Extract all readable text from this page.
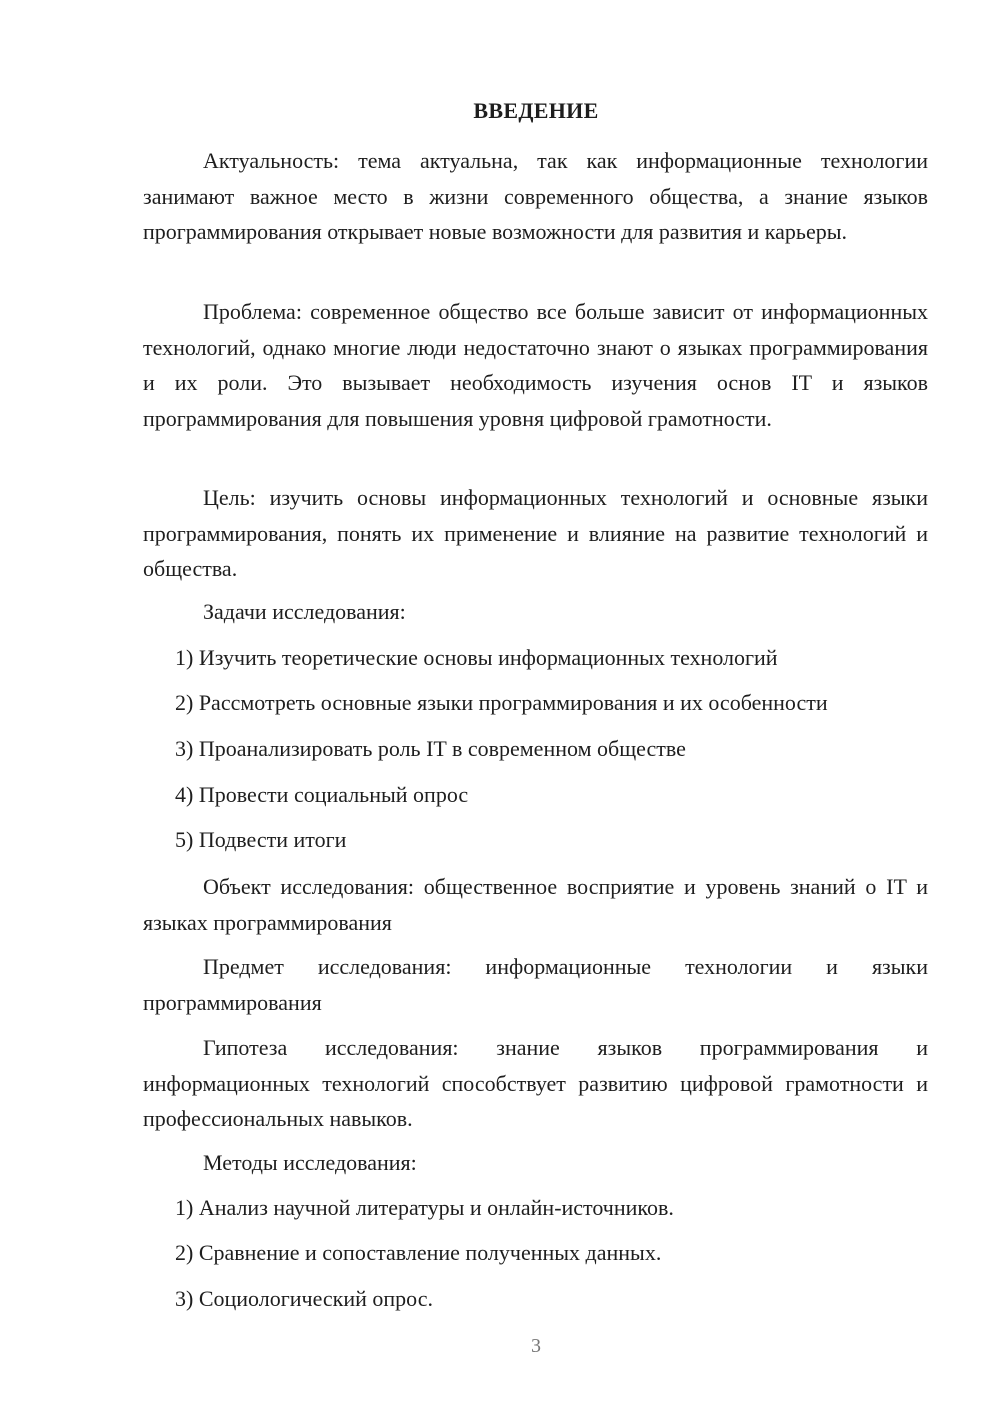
ВВЕДЕНИЕ

Актуальность: тема актуальна, так как информационные технологии занимают важное место в жизни современного общества, а знание языков программирования открывает новые возможности для развития и карьеры.

Проблема: современное общество все больше зависит от информационных технологий, однако многие люди недостаточно знают о языках программирования и их роли. Это вызывает необходимость изучения основ IT и языков программирования для повышения уровня цифровой грамотности.

Цель: изучить основы информационных технологий и основные языки программирования, понять их применение и влияние на развитие технологий и общества.

Задачи исследования:
1) Изучить теоретические основы информационных технологий
2) Рассмотреть основные языки программирования и их особенности
3) Проанализировать роль IT в современном обществе
4) Провести социальный опрос
5) Подвести итоги

Объект исследования: общественное восприятие и уровень знаний о IT и языках программирования

Предмет исследования: информационные технологии и языки программирования

Гипотеза исследования: знание языков программирования и информационных технологий способствует развитию цифровой грамотности и профессиональных навыков.

Методы исследования:
1) Анализ научной литературы и онлайн-источников.
2) Сравнение и сопоставление полученных данных.
3) Социологический опрос.
3
